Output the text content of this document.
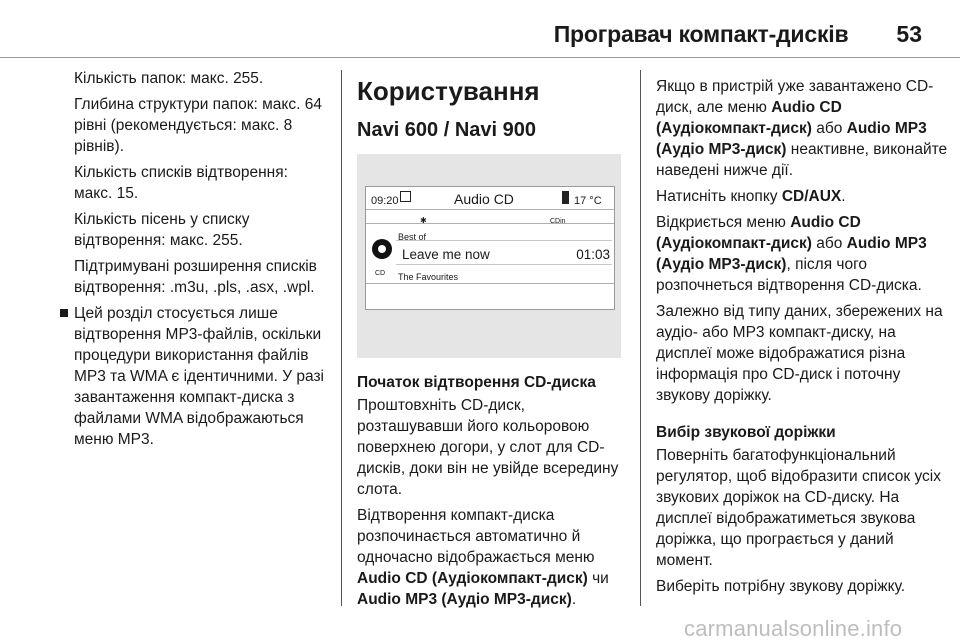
Програвач компакт-дисків 53

Кількість папок: макс. 255.

Глибина структури папок: макс. 64 рівні (рекомендується: макс. 8 рівнів).

Кількість списків відтворення: макс. 15.

Кількість пісень у списку відтворення: макс. 255.

Підтримувані розширення списків відтворення: .m3u, .pls, .asx, .wpl.

Цей розділ стосується лише відтворення MP3-файлів, оскільки процедури використання файлів MP3 та WMA є ідентичними. У разі завантаження компакт-диска з файлами WMA відображаються меню MP3.

Користування
Navi 600 / Navi 900
09:20	Audio CD	17 °C
✱	CDin
Best of
Leave me now	01:03
CD The Favourites
Початок відтворення CD-диска

Проштовхніть CD-диск, розташувавши його кольоровою поверхнею догори, у слот для CD-дисків, доки він не увійде всередину слота.

Відтворення компакт-диска розпочинається автоматично й одночасно відображається меню Audio CD (Аудіокомпакт-диск) чи Audio MP3 (Аудіо MP3-диск).

Якщо в пристрій уже завантажено CD-диск, але меню Audio CD (Аудіокомпакт-диск) або Audio MP3 (Аудіо MP3-диск) неактивне, виконайте наведені нижче дії.

Натисніть кнопку CD/AUX.

Відкриється меню Audio CD (Аудіокомпакт-диск) або Audio MP3 (Аудіо MP3-диск), після чого розпочнеться відтворення CD-диска.

Залежно від типу даних, збережених на аудіо- або MP3 компакт-диску, на дисплеї може відображатися різна інформація про CD-диск і поточну звукову доріжку.

Вибір звукової доріжки

Поверніть багатофункціональний регулятор, щоб відобразити список усіх звукових доріжок на CD-диску. На дисплеї відображатиметься звукова доріжка, що програється у даний момент.

Виберіть потрібну звукову доріжку.

carmanualsonline.info
